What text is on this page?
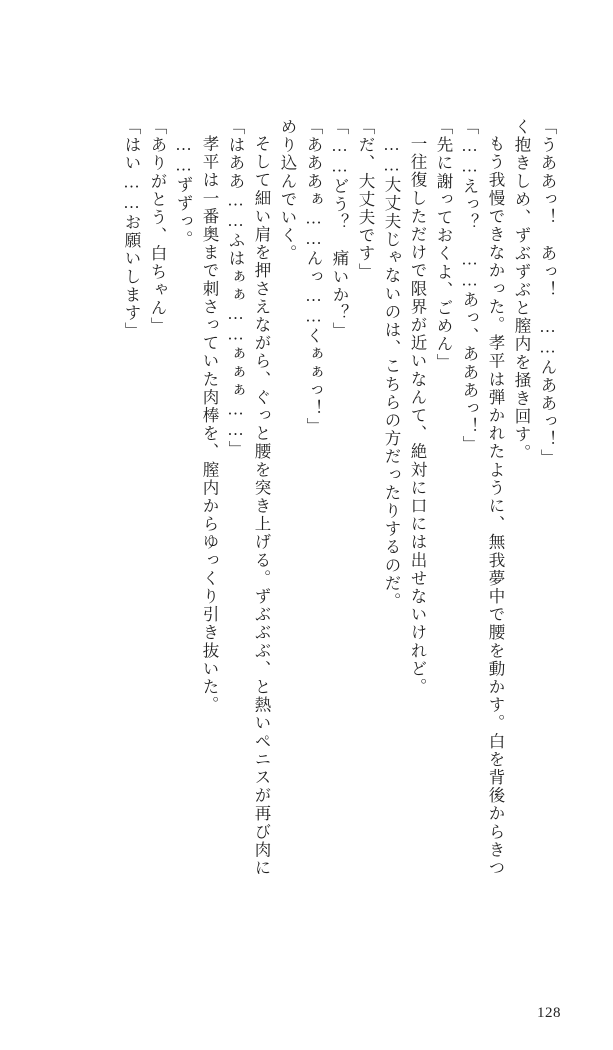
「はい……お願いします」 「ありがとう、白ちゃん」 ……ずずっ。 孝平は一番奥まで刺さっていた肉棒を、膣内からゆっくり引き抜いた。 「はああ……ふはぁぁ……ぁぁぁ……」 そして細い肩を押さえながら、ぐっと腰を突き上げる。ずぶぶぶ、と熱いペニスが再び肉に めり込んでいく。 「あああぁ……んっ……くぁぁっ！」 「……どう？　痛いか？」 「だ、大丈夫です」 ……大丈夫じゃないのは、こちらの方だったりするのだ。 一往復しただけで限界が近いなんて、絶対に口には出せないけれど。 「先に謝っておくよ、ごめん」 「……えっ？　……あっ、あああっ！」 もう我慢できなかった。孝平は弾かれたように、無我夢中で腰を動かす。白を背後からきつ く抱きしめ、ずぶずぶと膣内を掻き回す。 「うああっ！　あっ！　……んああっ！」
128
